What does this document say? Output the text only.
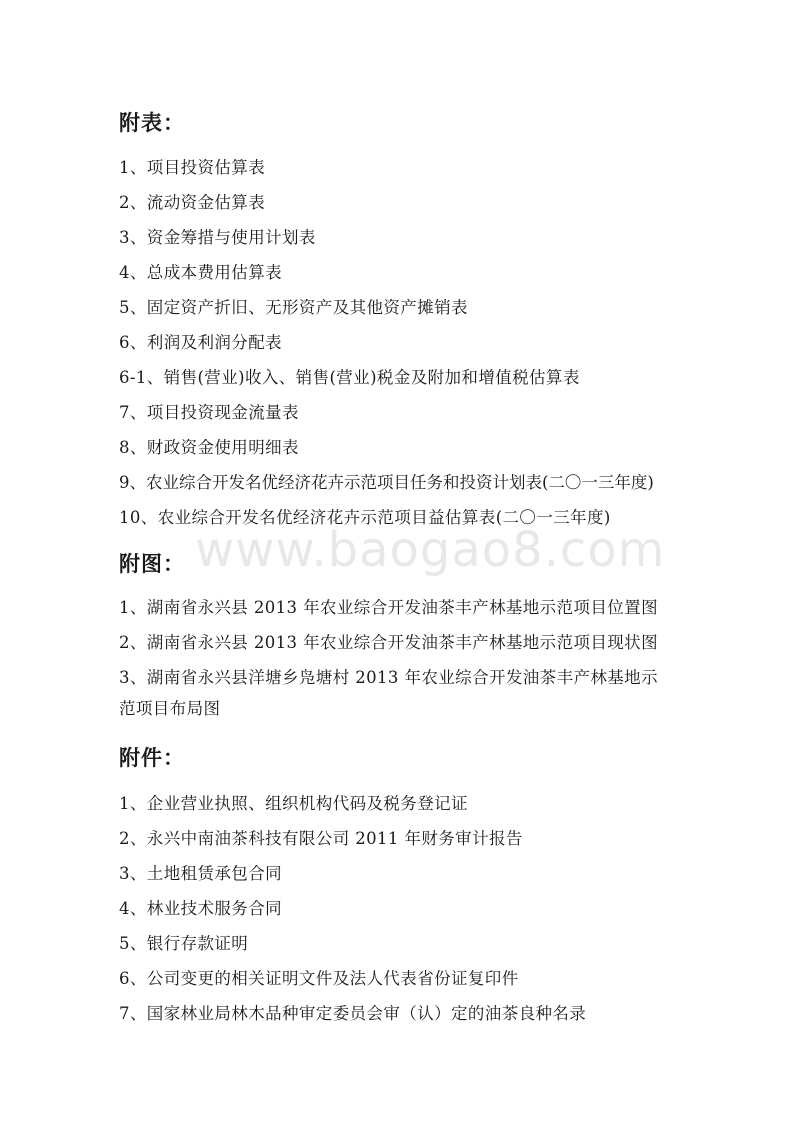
www.baogao8.com
附表：
1、项目投资估算表
2、流动资金估算表
3、资金筹措与使用计划表
4、总成本费用估算表
5、固定资产折旧、无形资产及其他资产摊销表
6、利润及利润分配表
6-1、销售(营业)收入、销售(营业)税金及附加和增值税估算表
7、项目投资现金流量表
8、财政资金使用明细表
9、农业综合开发名优经济花卉示范项目任务和投资计划表(二〇一三年度)
10、农业综合开发名优经济花卉示范项目益估算表(二〇一三年度)
附图：
1、湖南省永兴县 2013 年农业综合开发油茶丰产林基地示范项目位置图
2、湖南省永兴县 2013 年农业综合开发油茶丰产林基地示范项目现状图
3、湖南省永兴县洋塘乡凫塘村 2013 年农业综合开发油茶丰产林基地示
范项目布局图
附件：
1、企业营业执照、组织机构代码及税务登记证
2、永兴中南油茶科技有限公司 2011 年财务审计报告
3、土地租赁承包合同
4、林业技术服务合同
5、银行存款证明
6、公司变更的相关证明文件及法人代表省份证复印件
7、国家林业局林木品种审定委员会审（认）定的油茶良种名录
